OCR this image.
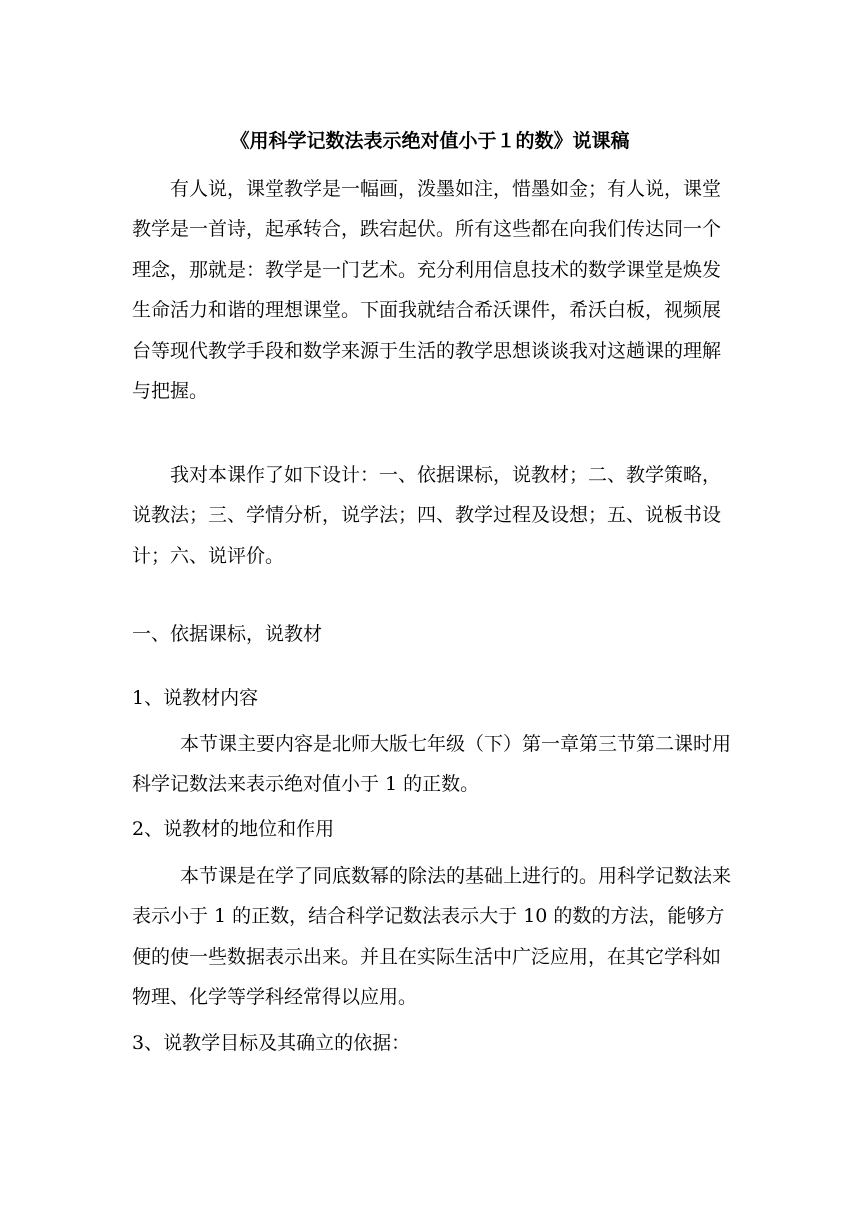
《用科学记数法表示绝对值小于１的数》说课稿

有人说，课堂教学是一幅画，泼墨如注，惜墨如金；有人说，课堂教学是一首诗，起承转合，跌宕起伏。所有这些都在向我们传达同一个理念，那就是：教学是一门艺术。充分利用信息技术的数学课堂是焕发生命活力和谐的理想课堂。下面我就结合希沃课件，希沃白板，视频展台等现代教学手段和数学来源于生活的教学思想谈谈我对这趟课的理解与把握。

我对本课作了如下设计：一、依据课标，说教材；二、教学策略，说教法；三、学情分析，说学法；四、教学过程及设想；五、说板书设计；六、说评价。

一、依据课标，说教材
1、说教材内容

本节课主要内容是北师大版七年级（下）第一章第三节第二课时用科学记数法来表示绝对值小于 1 的正数。

2、说教材的地位和作用

本节课是在学了同底数幂的除法的基础上进行的。用科学记数法来表示小于 1 的正数，结合科学记数法表示大于 10 的数的方法，能够方便的使一些数据表示出来。并且在实际生活中广泛应用，在其它学科如物理、化学等学科经常得以应用。

3、说教学目标及其确立的依据：
